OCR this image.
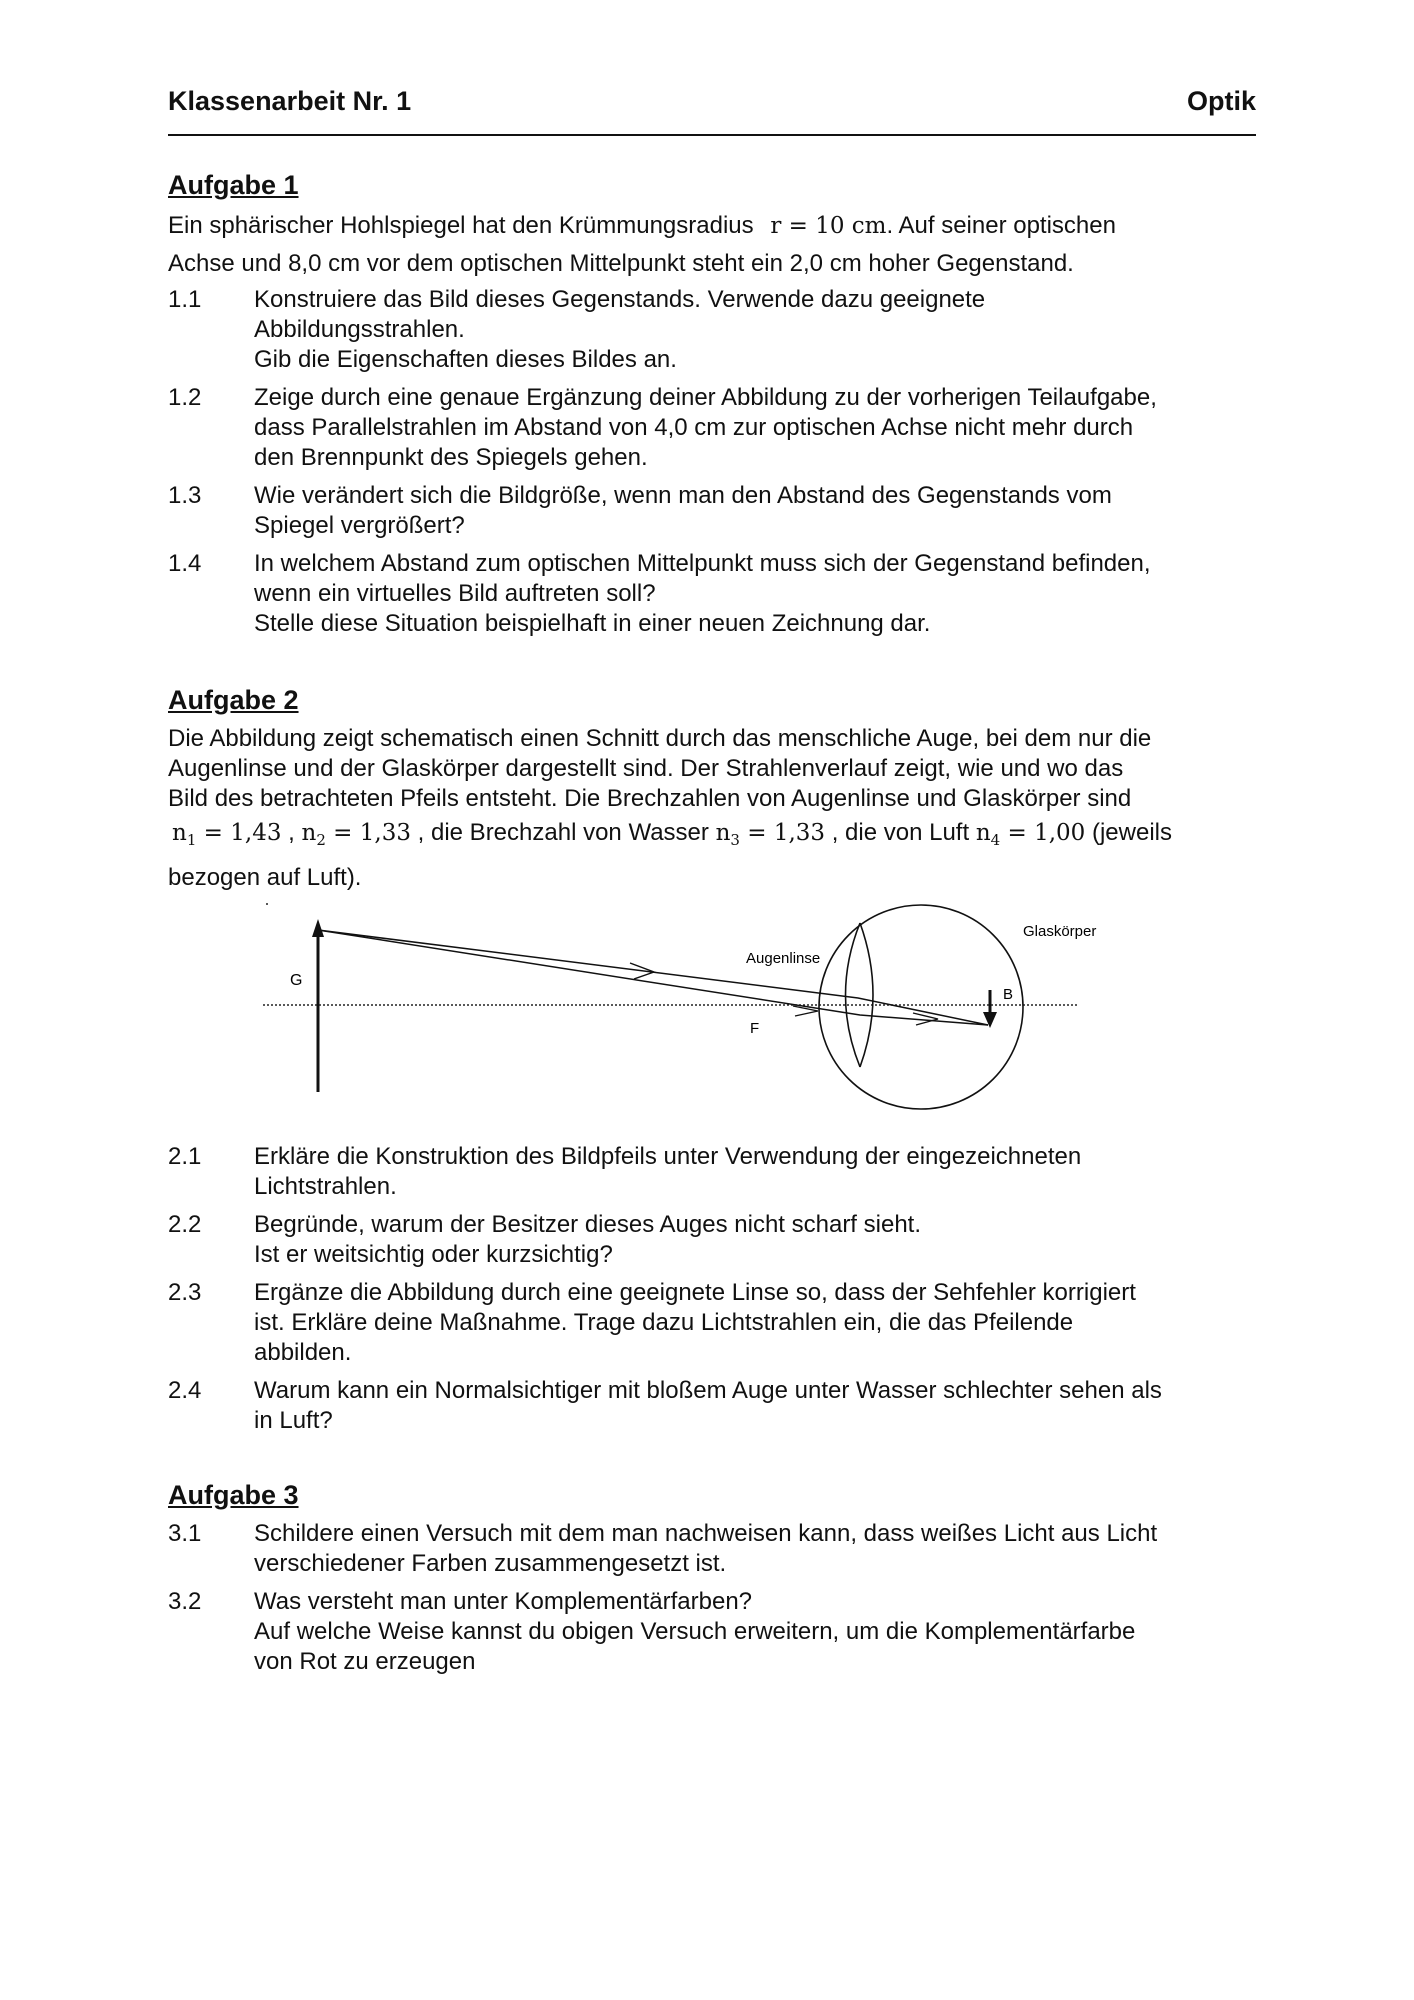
Klassenarbeit Nr. 1	Optik
Aufgabe 1
Ein sphärischer Hohlspiegel hat den Krümmungsradius r = 10 cm. Auf seiner optischen
Achse und 8,0 cm vor dem optischen Mittelpunkt steht ein 2,0 cm hoher Gegenstand.
1.1 Konstruiere das Bild dieses Gegenstands. Verwende dazu geeignete
Abbildungsstrahlen.
Gib die Eigenschaften dieses Bildes an.
1.2 Zeige durch eine genaue Ergänzung deiner Abbildung zu der vorherigen Teilaufgabe,
dass Parallelstrahlen im Abstand von 4,0 cm zur optischen Achse nicht mehr durch
den Brennpunkt des Spiegels gehen.
1.3 Wie verändert sich die Bildgröße, wenn man den Abstand des Gegenstands vom
Spiegel vergrößert?
1.4 In welchem Abstand zum optischen Mittelpunkt muss sich der Gegenstand befinden,
wenn ein virtuelles Bild auftreten soll?
Stelle diese Situation beispielhaft in einer neuen Zeichnung dar.
Aufgabe 2
Die Abbildung zeigt schematisch einen Schnitt durch das menschliche Auge, bei dem nur die
Augenlinse und der Glaskörper dargestellt sind. Der Strahlenverlauf zeigt, wie und wo das
Bild des betrachteten Pfeils entsteht. Die Brechzahlen von Augenlinse und Glaskörper sind
$n_1 = 1,43$ , $n_2 = 1,33$ , die Brechzahl von Wasser $n_3 = 1,33$ , die von Luft $n_4 = 1,00$ (jeweils
bezogen auf Luft).
G
B
Augenlinse
Glaskörper
F
2.1 Erkläre die Konstruktion des Bildpfeils unter Verwendung der eingezeichneten
Lichtstrahlen.
2.2 Begründe, warum der Besitzer dieses Auges nicht scharf sieht.
Ist er weitsichtig oder kurzsichtig?
2.3 Ergänze die Abbildung durch eine geeignete Linse so, dass der Sehfehler korrigiert
ist. Erkläre deine Maßnahme. Trage dazu Lichtstrahlen ein, die das Pfeilende
abbilden.
2.4 Warum kann ein Normalsichtiger mit bloßem Auge unter Wasser schlechter sehen als
in Luft?
Aufgabe 3
3.1 Schildere einen Versuch mit dem man nachweisen kann, dass weißes Licht aus Licht
verschiedener Farben zusammengesetzt ist.
3.2 Was versteht man unter Komplementärfarben?
Auf welche Weise kannst du obigen Versuch erweitern, um die Komplementärfarbe
von Rot zu erzeugen
